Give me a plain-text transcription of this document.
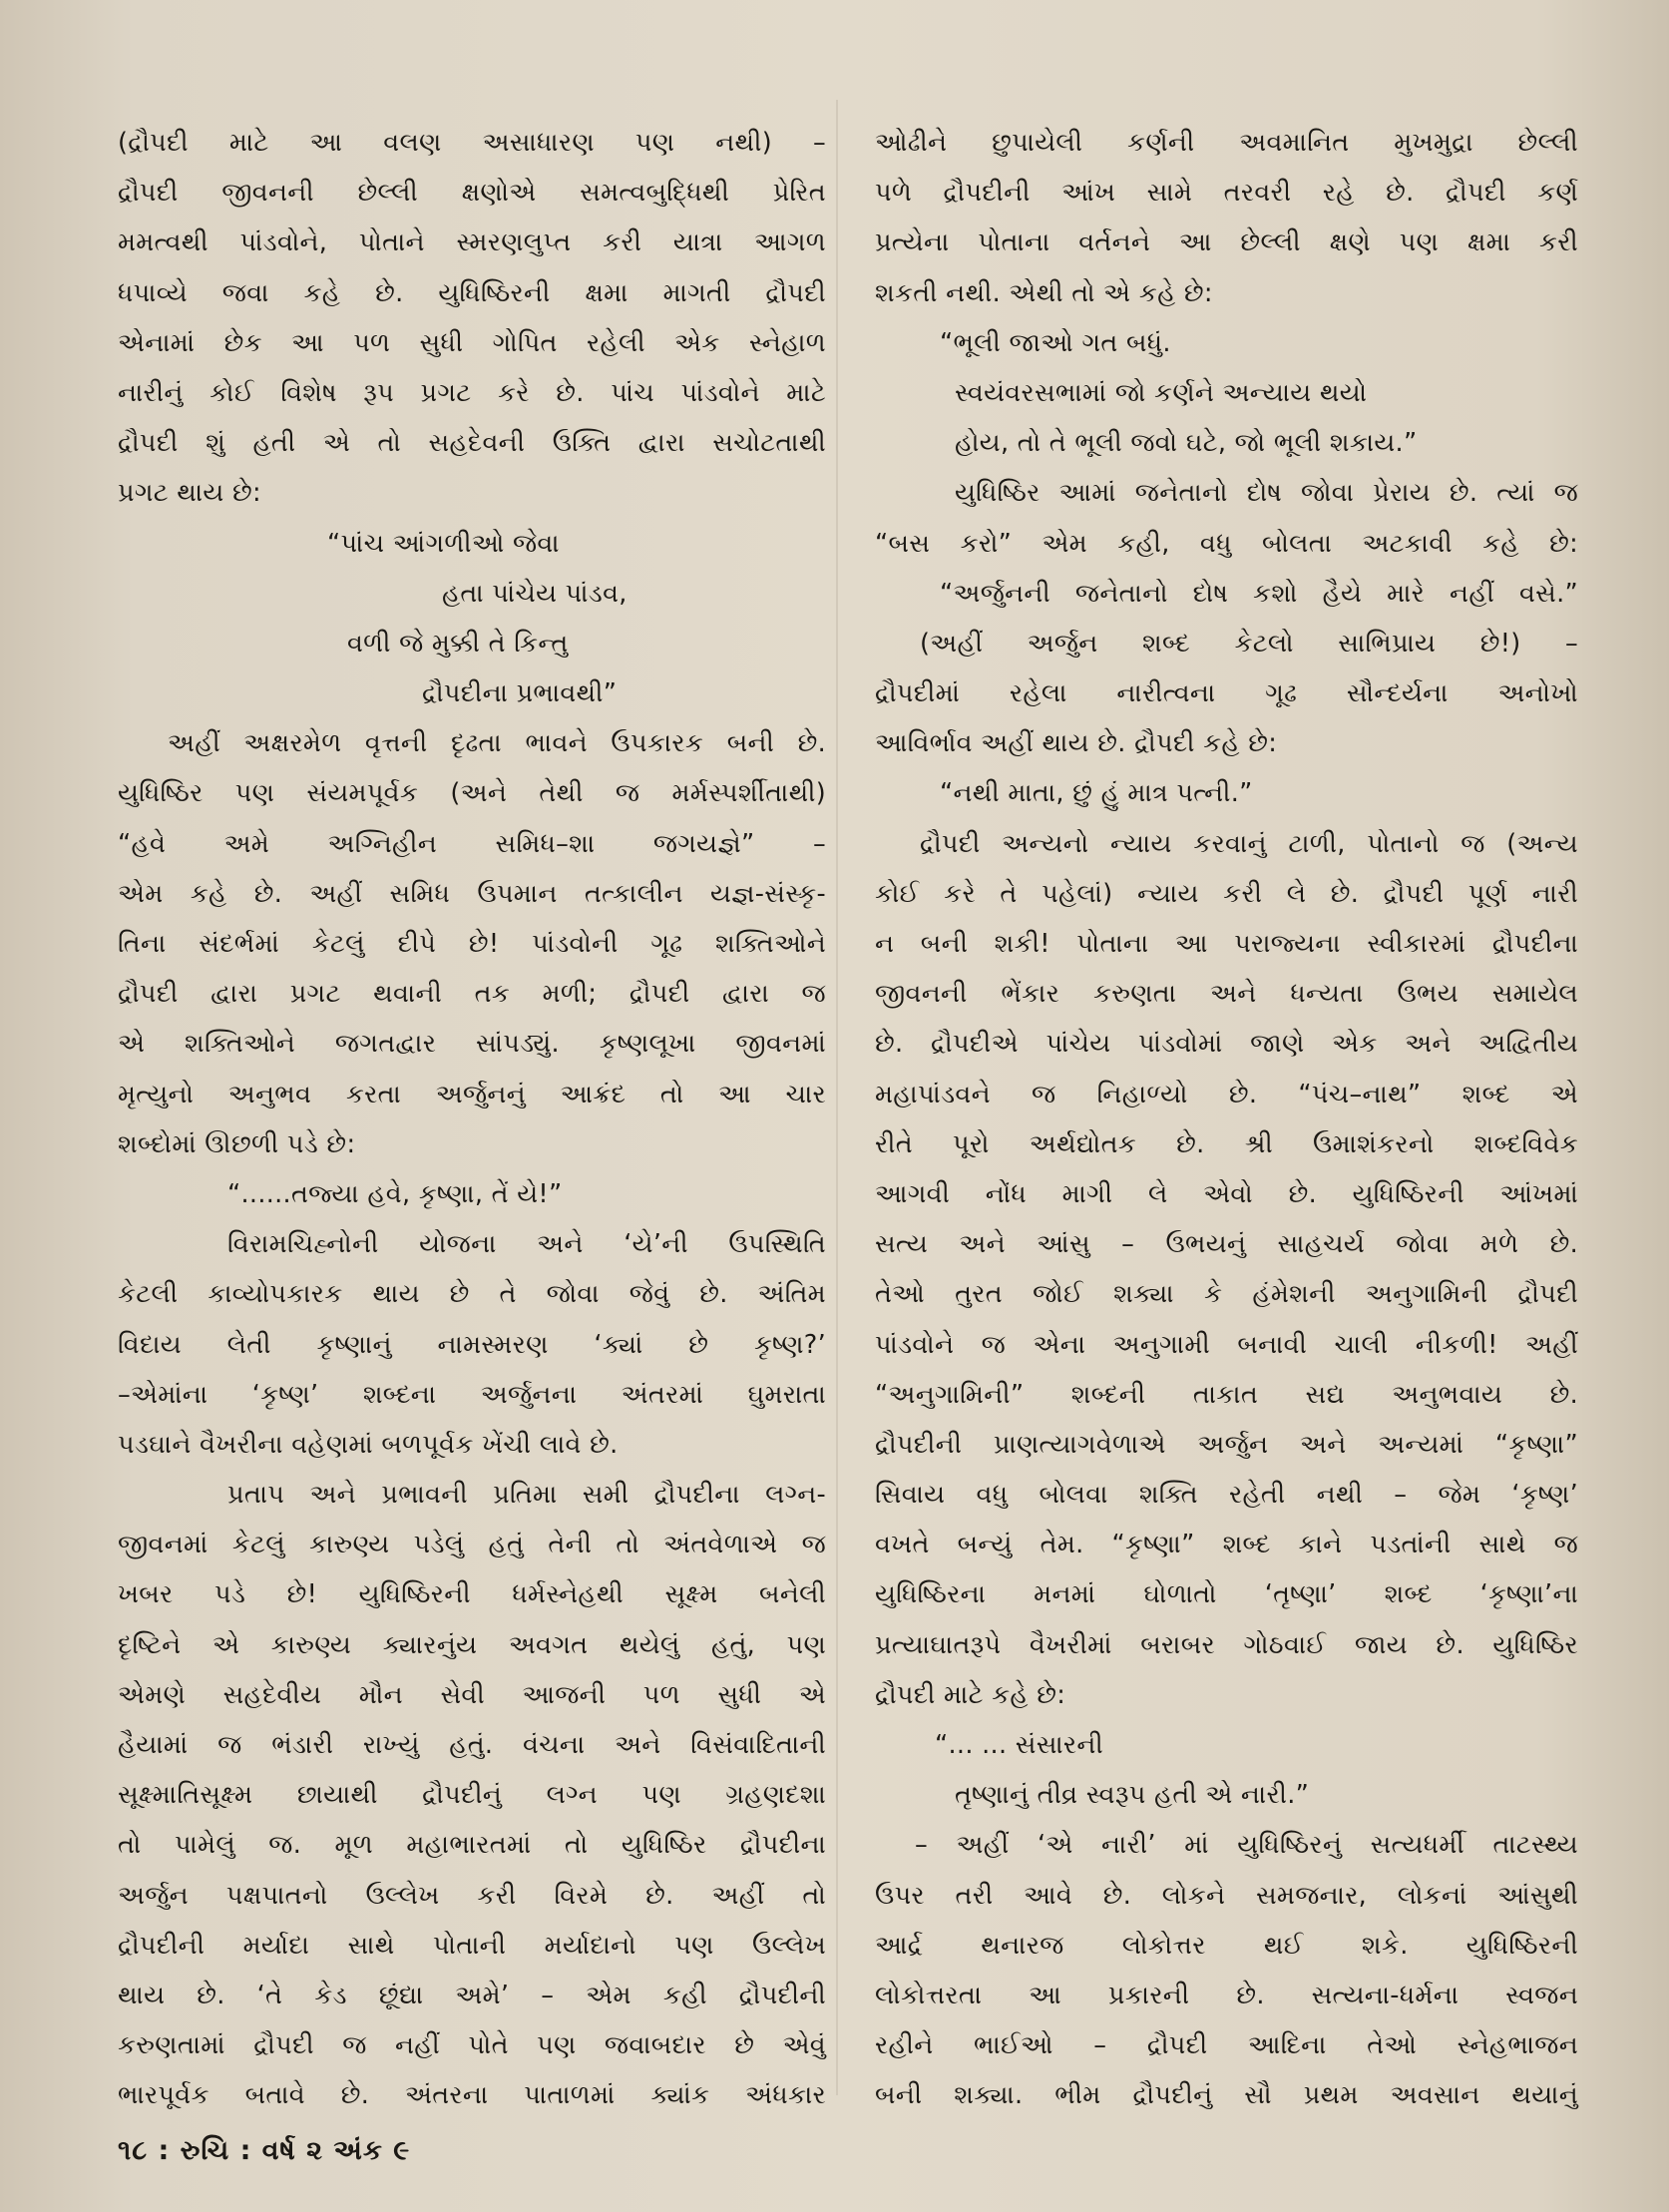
(દ્રૌપદી માટે આ વલણ અસાધારણ પણ નથી) –
દ્રૌપદી જીવનની છેલ્લી ક્ષણોએ સમત્વબુદ્ધિથી પ્રેરિત
મમત્વથી પાંડવોને, પોતાને સ્મરણલુપ્ત કરી યાત્રા આગળ
ધપાવ્યે જવા કહે છે. યુધિષ્ઠિરની ક્ષમા માગતી દ્રૌપદી
એનામાં છેક આ પળ સુધી ગોપિત રહેલી એક સ્નેહાળ
નારીનું કોઈ વિશેષ રૂપ પ્રગટ કરે છે. પાંચ પાંડવોને માટે
દ્રૌપદી શું હતી એ તો સહદેવની ઉક્તિ દ્વારા સચોટતાથી
પ્રગટ થાય છે:
“પાંચ આંગળીઓ જેવા
હતા પાંચેય પાંડવ,
વળી જે મુક્કી તે કિન્તુ
દ્રૌપદીના પ્રભાવથી”
અહીં અક્ષરમેળ વૃત્તની દૃઢતા ભાવને ઉપકારક બની છે.
યુધિષ્ઠિર પણ સંયમપૂર્વક (અને તેથી જ મર્મસ્પર્શીતાથી)
“હવે અમે અગ્નિહીન સમિધ–શા જગયજ્ઞે” –
એમ કહે છે. અહીં સમિધ ઉપમાન તત્કાલીન યજ્ઞ-સંસ્કૃ-
તિના સંદર્ભમાં કેટલું દીપે છે! પાંડવોની ગૂઢ શક્તિઓને
દ્રૌપદી દ્વારા પ્રગટ થવાની તક મળી; દ્રૌપદી દ્વારા જ
એ શક્તિઓને જગતદ્વાર સાંપડ્યું. કૃષ્ણલૂખા જીવનમાં
મૃત્યુનો અનુભવ કરતા અર્જુનનું આક્રંદ તો આ ચાર
શબ્દોમાં ઊછળી પડે છે:
“......તજ્યા હવે, કૃષ્ણા, તેં યે!”
વિરામચિહ્નોની યોજના અને ‘યે’ની ઉપસ્થિતિ
કેટલી કાવ્યોપકારક થાય છે તે જોવા જેવું છે. અંતિમ
વિદાય લેતી કૃષ્ણાનું નામસ્મરણ ‘ક્યાં છે કૃષ્ણ?’
–એમાંના ‘કૃષ્ણ’ શબ્દના અર્જુનના અંતરમાં ઘુમરાતા
પડઘાને વૈખરીના વહેણમાં બળપૂર્વક ખેંચી લાવે છે.
પ્રતાપ અને પ્રભાવની પ્રતિમા સમી દ્રૌપદીના લગ્ન-
જીવનમાં કેટલું કારુણ્ય પડેલું હતું તેની તો અંતવેળાએ જ
ખબર પડે છે! યુધિષ્ઠિરની ધર્મસ્નેહથી સૂક્ષ્મ બનેલી
દૃષ્ટિને એ કારુણ્ય ક્યારનુંય અવગત થયેલું હતું, પણ
એમણે સહદેવીય મૌન સેવી આજની પળ સુધી એ
હૈયામાં જ ભંડારી રાખ્યું હતું. વંચના અને વિસંવાદિતાની
સૂક્ષ્માતિસૂક્ષ્મ છાયાથી દ્રૌપદીનું લગ્ન પણ ગ્રહણદશા
તો પામેલું જ. મૂળ મહાભારતમાં તો યુધિષ્ઠિર દ્રૌપદીના
અર્જુન પક્ષપાતનો ઉલ્લેખ કરી વિરમે છે. અહીં તો
દ્રૌપદીની મર્યાદા સાથે પોતાની મર્યાદાનો પણ ઉલ્લેખ
થાય છે. ‘તે કેડ છૂંદ્યા અમે’ – એમ કહી દ્રૌપદીની
કરુણતામાં દ્રૌપદી જ નહીં પોતે પણ જવાબદાર છે એવું
ભારપૂર્વક બતાવે છે. અંતરના પાતાળમાં ક્યાંક અંધકાર
ઓઢીને છુપાયેલી કર્ણની અવમાનિત મુખમુદ્રા છેલ્લી
પળે દ્રૌપદીની આંખ સામે તરવરી રહે છે. દ્રૌપદી કર્ણ
પ્રત્યેના પોતાના વર્તનને આ છેલ્લી ક્ષણે પણ ક્ષમા કરી
શકતી નથી. એથી તો એ કહે છે:
“ભૂલી જાઓ ગત બધું.
સ્વયંવરસભામાં જો કર્ણને અન્યાય થયો
હોય, તો તે ભૂલી જવો ઘટે, જો ભૂલી શકાય.”
યુધિષ્ઠિર આમાં જનેતાનો દોષ જોવા પ્રેરાય છે. ત્યાં જ
“બસ કરો” એમ કહી, વધુ બોલતા અટકાવી કહે છે:
“અર્જુનની જનેતાનો દોષ કશો હૈયે મારે નહીં વસે.”
(અહીં અર્જુન શબ્દ કેટલો સાભિપ્રાય છે!) –
દ્રૌપદીમાં રહેલા નારીત્વના ગૂઢ સૌન્દર્યના અનોખો
આવિર્ભાવ અહીં થાય છે. દ્રૌપદી કહે છે:
“નથી માતા, છું હું માત્ર પત્ની.”
દ્રૌપદી અન્યનો ન્યાય કરવાનું ટાળી, પોતાનો જ (અન્ય
કોઈ કરે તે પહેલાં) ન્યાય કરી લે છે. દ્રૌપદી પૂર્ણ નારી
ન બની શકી! પોતાના આ પરાજ્યના સ્વીકારમાં દ્રૌપદીના
જીવનની ભેંકાર કરુણતા અને ધન્યતા ઉભય સમાયેલ
છે. દ્રૌપદીએ પાંચેય પાંડવોમાં જાણે એક અને અદ્વિતીય
મહાપાંડવને જ નિહાળ્યો છે. “પંચ–નાથ” શબ્દ એ
રીતે પૂરો અર્થદ્યોતક છે. શ્રી ઉમાશંકરનો શબ્દવિવેક
આગવી નોંધ માગી લે એવો છે. યુધિષ્ઠિરની આંખમાં
સત્ય અને આંસુ – ઉભયનું સાહચર્ય જોવા મળે છે.
તેઓ તુરત જોઈ શક્યા કે હંમેશની અનુગામિની દ્રૌપદી
પાંડવોને જ એના અનુગામી બનાવી ચાલી નીકળી! અહીં
“અનુગામિની” શબ્દની તાકાત સદ્ય અનુભવાય છે.
દ્રૌપદીની પ્રાણત્યાગવેળાએ અર્જુન અને અન્યમાં “કૃષ્ણા”
સિવાય વધુ બોલવા શક્તિ રહેતી નથી – જેમ ‘કૃષ્ણ’
વખતે બન્યું તેમ. “કૃષ્ણા” શબ્દ કાને પડતાંની સાથે જ
યુધિષ્ઠિરના મનમાં ઘોળાતો ‘તૃષ્ણા’ શબ્દ ‘કૃષ્ણા’ના
પ્રત્યાઘાતરૂપે વૈખરીમાં બરાબર ગોઠવાઈ જાય છે. યુધિષ્ઠિર
દ્રૌપદી માટે કહે છે:
“... ... સંસારની
તૃષ્ણાનું તીવ્ર સ્વરૂપ હતી એ નારી.”
– અહીં ‘એ નારી’ માં યુધિષ્ઠિરનું સત્યધર્મી તાટસ્થ્ય
ઉપર તરી આવે છે. લોકને સમજનાર, લોકનાં આંસુથી
આર્દ્ર થનારજ લોકોત્તર થઈ શકે. યુધિષ્ઠિરની
લોકોત્તરતા આ પ્રકારની છે. સત્યના-ધર્મના સ્વજન
રહીને ભાઈઓ – દ્રૌપદી આદિના તેઓ સ્નેહભાજન
બની શક્યા. ભીમ દ્રૌપદીનું સૌ પ્રથમ અવસાન થયાનું
૧૮ : રુચિ : વર્ષ ૨ અંક ૯
